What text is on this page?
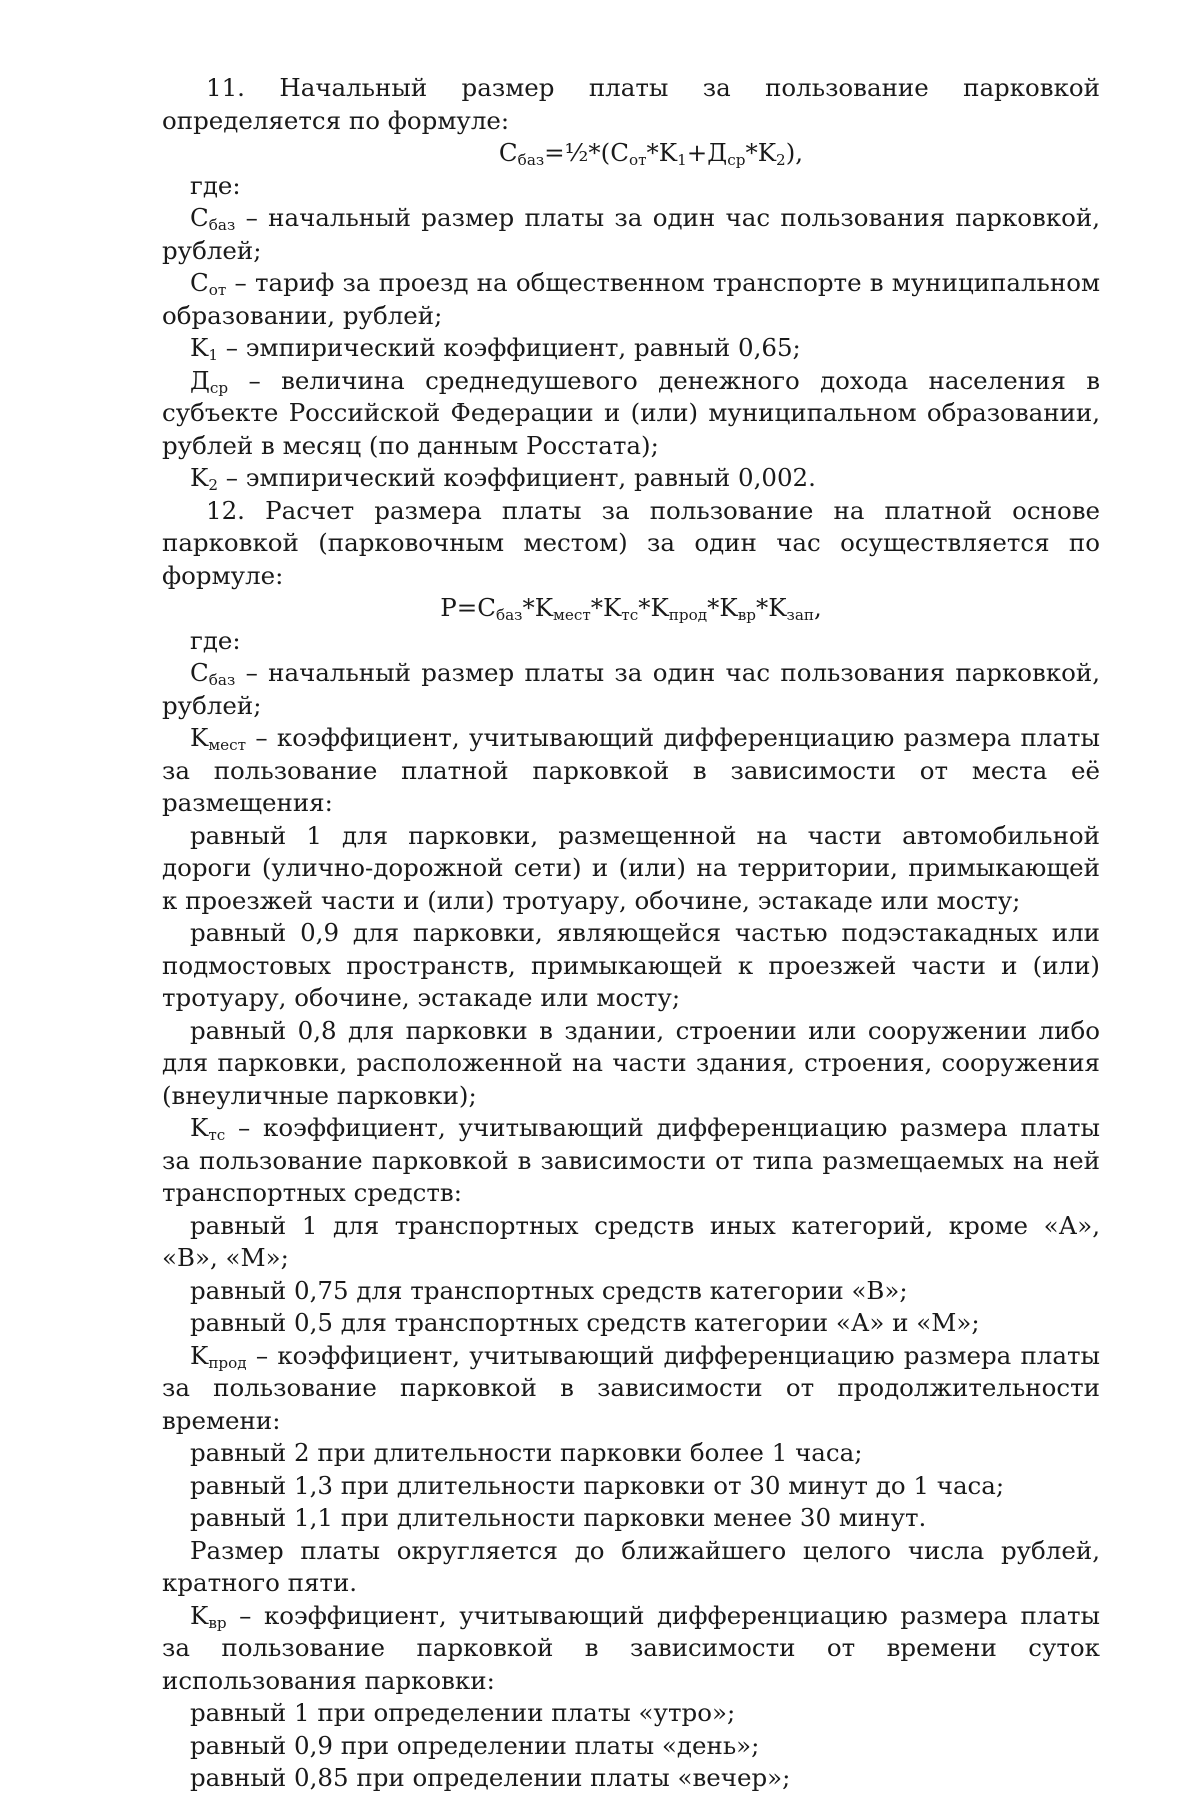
11. Начальный размер платы за пользование парковкой определяется по формуле:

$С_{баз}=\frac{1}{2}*(С_{от}*K_1+Д_{ср}*K_2)$,

где:

$С_{баз}$ – начальный размер платы за один час пользования парковкой, рублей;

$С_{от}$ – тариф за проезд на общественном транспорте в муниципальном образовании, рублей;

$K_1$ – эмпирический коэффициент, равный 0,65;

$Д_{ср}$ – величина среднедушевого денежного дохода населения в субъекте Российской Федерации и (или) муниципальном образовании, рублей в месяц (по данным Росстата);

$K_2$ – эмпирический коэффициент, равный 0,002.

12. Расчет размера платы за пользование на платной основе парковкой (парковочным местом) за один час осуществляется по формуле:

$Р=С_{баз}*K_{мест}*K_{тс}*K_{прод}*K_{вр}*K_{зап}$,

где:

$С_{баз}$ – начальный размер платы за один час пользования парковкой, рублей;

$K_{мест}$ – коэффициент, учитывающий дифференциацию размера платы за пользование платной парковкой в зависимости от места её размещения:

равный 1 для парковки, размещенной на части автомобильной дороги (улично-дорожной сети) и (или) на территории, примыкающей к проезжей части и (или) тротуару, обочине, эстакаде или мосту;

равный 0,9 для парковки, являющейся частью подэстакадных или подмостовых пространств, примыкающей к проезжей части и (или) тротуару, обочине, эстакаде или мосту;

равный 0,8 для парковки в здании, строении или сооружении либо для парковки, расположенной на части здания, строения, сооружения (внеуличные парковки);

$K_{тс}$ – коэффициент, учитывающий дифференциацию размера платы за пользование парковкой в зависимости от типа размещаемых на ней транспортных средств:

равный 1 для транспортных средств иных категорий, кроме «А», «В», «М»;

равный 0,75 для транспортных средств категории «В»;

равный 0,5 для транспортных средств категории «А» и «М»;

$K_{прод}$ – коэффициент, учитывающий дифференциацию размера платы за пользование парковкой в зависимости от продолжительности времени:

равный 2 при длительности парковки более 1 часа;

равный 1,3 при длительности парковки от 30 минут до 1 часа;

равный 1,1 при длительности парковки менее 30 минут.

Размер платы округляется до ближайшего целого числа рублей, кратного пяти.

$K_{вр}$ – коэффициент, учитывающий дифференциацию размера платы за пользование парковкой в зависимости от времени суток использования парковки:

равный 1 при определении платы «утро»;

равный 0,9 при определении платы «день»;

равный 0,85 при определении платы «вечер»;
